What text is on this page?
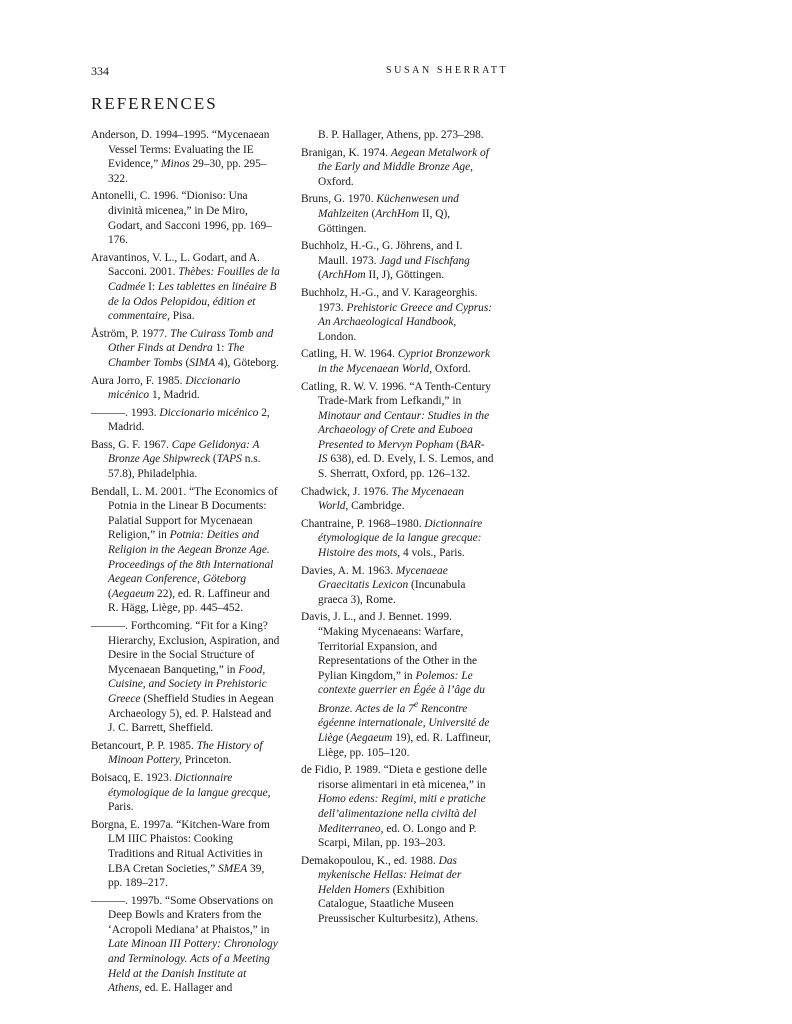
334	SUSAN SHERRATT
REFERENCES

Anderson, D. 1994–1995. “Mycenaean Vessel Terms: Evaluating the IE Evidence,” Minos 29–30, pp. 295–322.

Antonelli, C. 1996. “Dioniso: Una divinità micenea,” in De Miro, Godart, and Sacconi 1996, pp. 169–176.

Aravantinos, V. L., L. Godart, and A. Sacconi. 2001. Thèbes: Fouilles de la Cadmée I: Les tablettes en linéaire B de la Odos Pelopidou, édition et commentaire, Pisa.

Åström, P. 1977. The Cuirass Tomb and Other Finds at Dendra 1: The Chamber Tombs (SIMA 4), Göteborg.

Aura Jorro, F. 1985. Diccionario micénico 1, Madrid.

———. 1993. Diccionario micénico 2, Madrid.

Bass, G. F. 1967. Cape Gelidonya: A Bronze Age Shipwreck (TAPS n.s. 57.8), Philadelphia.

Bendall, L. M. 2001. “The Economics of Potnia in the Linear B Documents: Palatial Support for Mycenaean Religion,” in Potnia: Deities and Religion in the Aegean Bronze Age. Proceedings of the 8th International Aegean Conference, Göteborg (Aegaeum 22), ed. R. Laffineur and R. Hägg, Liège, pp. 445–452.

———. Forthcoming. “Fit for a King? Hierarchy, Exclusion, Aspiration, and Desire in the Social Structure of Mycenaean Banqueting,” in Food, Cuisine, and Society in Prehistoric Greece (Sheffield Studies in Aegean Archaeology 5), ed. P. Halstead and J. C. Barrett, Sheffield.

Betancourt, P. P. 1985. The History of Minoan Pottery, Princeton.

Boisacq, E. 1923. Dictionnaire étymologique de la langue grecque, Paris.

Borgna, E. 1997a. “Kitchen-Ware from LM IIIC Phaistos: Cooking Traditions and Ritual Activities in LBA Cretan Societies,” SMEA 39, pp. 189–217.

———. 1997b. “Some Observations on Deep Bowls and Kraters from the ‘Acropoli Mediana’ at Phaistos,” in Late Minoan III Pottery: Chronology and Terminology. Acts of a Meeting Held at the Danish Institute at Athens, ed. E. Hallager and

B. P. Hallager, Athens, pp. 273–298.

Branigan, K. 1974. Aegean Metalwork of the Early and Middle Bronze Age, Oxford.

Bruns, G. 1970. Küchenwesen und Mahlzeiten (ArchHom II, Q), Göttingen.

Buchholz, H.-G., G. Jöhrens, and I. Maull. 1973. Jagd und Fischfang (ArchHom II, J), Göttingen.

Buchholz, H.-G., and V. Karageorghis. 1973. Prehistoric Greece and Cyprus: An Archaeological Handbook, London.

Catling, H. W. 1964. Cypriot Bronzework in the Mycenaean World, Oxford.

Catling, R. W. V. 1996. “A Tenth-Century Trade-Mark from Lefkandi,” in Minotaur and Centaur: Studies in the Archaeology of Crete and Euboea Presented to Mervyn Popham (BAR-IS 638), ed. D. Evely, I. S. Lemos, and S. Sherratt, Oxford, pp. 126–132.

Chadwick, J. 1976. The Mycenaean World, Cambridge.

Chantraine, P. 1968–1980. Dictionnaire étymologique de la langue grecque: Histoire des mots, 4 vols., Paris.

Davies, A. M. 1963. Mycenaeae Graecitatis Lexicon (Incunabula graeca 3), Rome.

Davis, J. L., and J. Bennet. 1999. “Making Mycenaeans: Warfare, Territorial Expansion, and Representations of the Other in the Pylian Kingdom,” in Polemos: Le contexte guerrier en Égée à l’âge du Bronze. Actes de la 7e Rencontre égéenne internationale, Université de Liège (Aegaeum 19), ed. R. Laffineur, Liège, pp. 105–120.

de Fidio, P. 1989. “Dieta e gestione delle risorse alimentari in età micenea,” in Homo edens: Regimi, miti e pratiche dell’alimentazione nella civiltà del Mediterraneo, ed. O. Longo and P. Scarpi, Milan, pp. 193–203.

Demakopoulou, K., ed. 1988. Das mykenische Hellas: Heimat der Helden Homers (Exhibition Catalogue, Staatliche Museen Preussischer Kulturbesitz), Athens.
